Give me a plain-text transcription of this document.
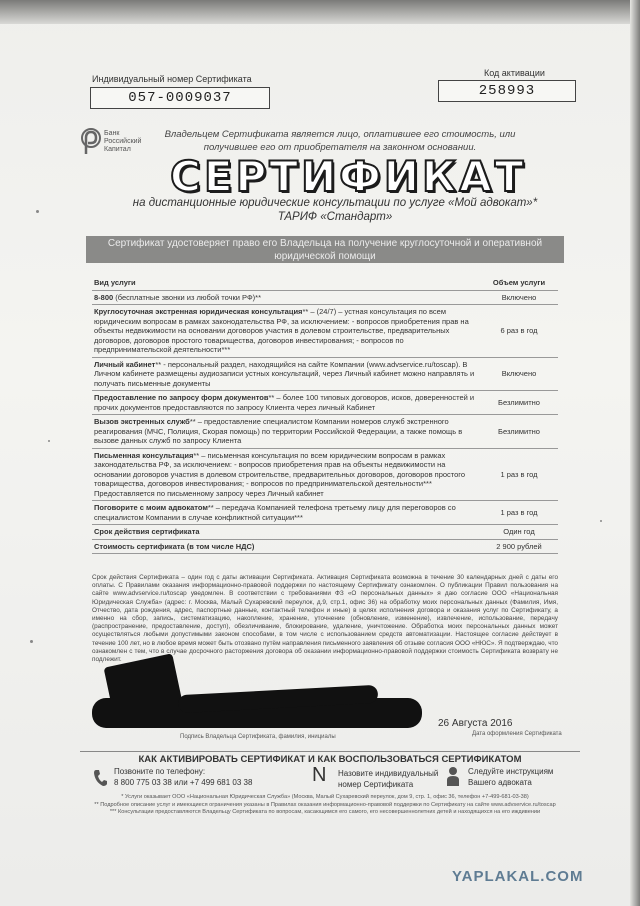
Индивидуальный номер Сертификата
057-0009037
Код активации
258993
Банк Российский Капитал
Владельцем Сертификата является лицо, оплатившее его стоимость, или получившее его от приобретателя на законном основании.
СЕРТИФИКАТ
на дистанционные юридические консультации по услуге «Мой адвокат»*
ТАРИФ «Стандарт»
Сертификат удостоверяет право его Владельца на получение круглосуточной и оперативной юридической помощи
Вид услуги	Объем услуги
8-800 (бесплатные звонки из любой точки РФ)**	Включено
Круглосуточная экстренная юридическая консультация** – (24/7) – устная консультация по всем юридическим вопросам в рамках законодательства РФ, за исключением: - вопросов приобретения прав на объекты недвижимости на основании договоров участия в долевом строительстве, предварительных договоров, договоров простого товарищества, договоров инвестирования; - вопросов по предпринимательской деятельности***	6 раз в год
Личный кабинет** - персональный раздел, находящийся на сайте Компании (www.advservice.ru/toscap). В Личном кабинете размещены аудиозаписи устных консультаций, через Личный кабинет можно направлять и получать письменные документы	Включено
Предоставление по запросу форм документов** – более 100 типовых договоров, исков, доверенностей и прочих документов предоставляются по запросу Клиента через личный Кабинет	Безлимитно
Вызов экстренных служб** – предоставление специалистом Компании номеров служб экстренного реагирования (МЧС, Полиция, Скорая помощь) по территории Российской Федерации, а также помощь в вызове данных служб по запросу Клиента	Безлимитно
Письменная консультация** – письменная консультация по всем юридическим вопросам в рамках законодательства РФ, за исключением: - вопросов приобретения прав на объекты недвижимости на основании договоров участия в долевом строительстве, предварительных договоров, договоров простого товарищества, договоров инвестирования; - вопросов по предпринимательской деятельности*** Предоставляется по письменному запросу через Личный кабинет	1 раз в год
Поговорите с моим адвокатом** – передача Компанией телефона третьему лицу для переговоров со специалистом Компании в случае конфликтной ситуации***	1 раз в год
Срок действия сертификата	Один год
Стоимость сертификата (в том числе НДС)	2 900 рублей
Срок действия Сертификата – один год с даты активации Сертификата. Активация Сертификата возможна в течение 30 календарных дней с даты его оплаты. С Правилами оказания информационно-правовой поддержки по настоящему Сертификату ознакомлен. О публикации Правил пользования на сайте www.advservice.ru/toscap уведомлен. В соответствии с требованиями ФЗ «О персональных данных» я даю согласие ООО «Национальная Юридическая Служба» (адрес: г. Москва, Малый Сухаревский переулок, д.9, стр.1, офис 36) на обработку моих персональных данных (Фамилия, Имя, Отчество, дата рождения, адрес, паспортные данные, контактный телефон и иные) в целях исполнения договора и оказания услуг по Сертификату, а именно на сбор, запись, систематизацию, накопление, хранение, уточнение (обновление, изменение), извлечение, использование, передачу (распространение, предоставление, доступ), обезличивание, блокирование, удаление, уничтожение. Обработка моих персональных данных может осуществляться любыми допустимыми законом способами, в том числе с использованием средств автоматизации. Настоящее согласие действует в течение 100 лет, но в любое время может быть отозвано путём направления письменного заявления об отзыве согласия ООО «НЮС». Я подтверждаю, что ознакомлен с тем, что в случае досрочного расторжения договора об оказании информационно-правовой поддержки стоимость Сертификата возврату не подлежит.
26 Августа 2016
Дата оформления Сертификата
Подпись Владельца Сертификата, фамилия, инициалы
КАК АКТИВИРОВАТЬ СЕРТИФИКАТ И КАК ВОСПОЛЬЗОВАТЬСЯ СЕРТИФИКАТОМ
Позвоните по телефону:
8 800 775 03 38 или +7 499 681 03 38	N Назовите индивидуальный
номер Сертификата
Следуйте инструкциям
Вашего адвоката
* Услуги оказывает ООО «Национальная Юридическая Служба» (Москва, Малый Сухаревский переулок, дом 9, стр. 1, офис 36, телефон +7-499-681-03-38)
** Подробное описание услуг и имеющиеся ограничения указаны в Правилах оказания информационно-правовой поддержки по Сертификату на сайте www.advservice.ru/toscap
*** Консультации предоставляются Владельцу Сертификата по вопросам, касающимся его самого, его несовершеннолетних детей и находящихся на его иждивении
YAPLAKAL.COM
